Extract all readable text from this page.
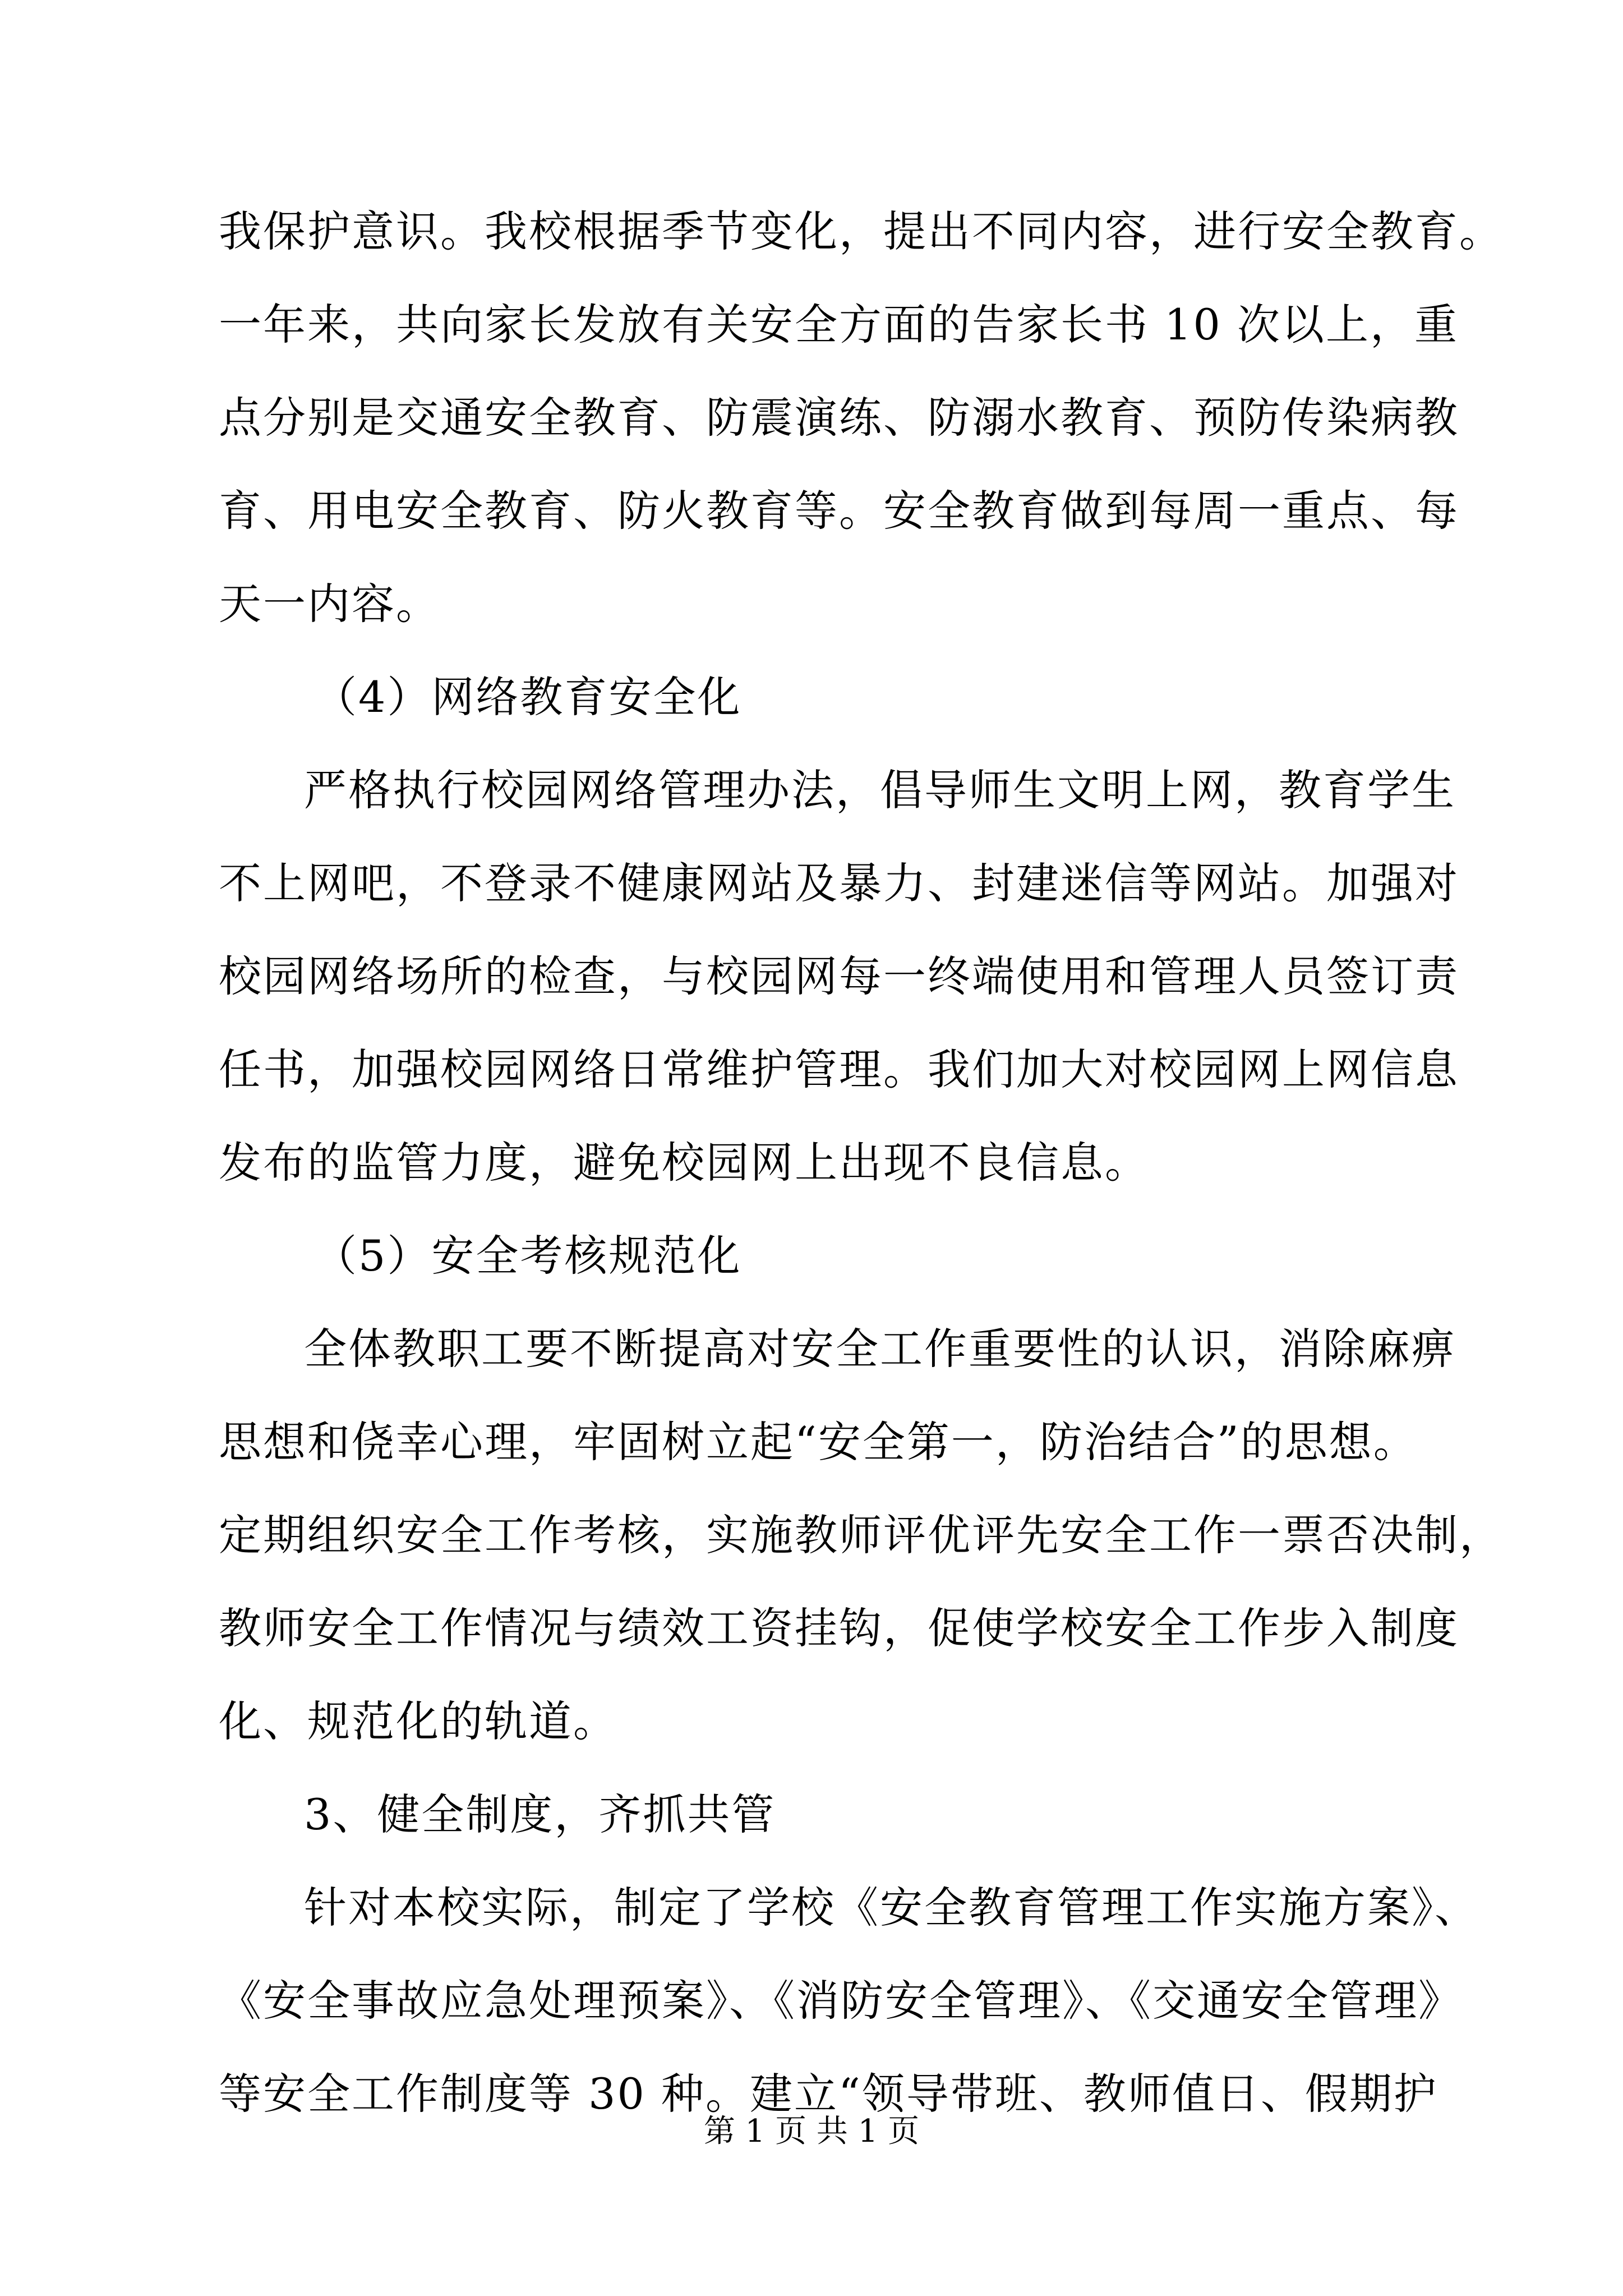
我保护意识。我校根据季节变化，提出不同内容，进行安全教育。
一年来，共向家长发放有关安全方面的告家长书 10 次以上，重
点分别是交通安全教育、防震演练、防溺水教育、预防传染病教
育、用电安全教育、防火教育等。安全教育做到每周一重点、每
天一内容。
（4）网络教育安全化
严格执行校园网络管理办法，倡导师生文明上网，教育学生
不上网吧，不登录不健康网站及暴力、封建迷信等网站。加强对
校园网络场所的检查，与校园网每一终端使用和管理人员签订责
任书，加强校园网络日常维护管理。我们加大对校园网上网信息
发布的监管力度，避免校园网上出现不良信息。
（5）安全考核规范化
全体教职工要不断提高对安全工作重要性的认识，消除麻痹
思想和侥幸心理，牢固树立起“安全第一，防治结合”的思想。
定期组织安全工作考核，实施教师评优评先安全工作一票否决制，
教师安全工作情况与绩效工资挂钩，促使学校安全工作步入制度
化、规范化的轨道。
3、健全制度，齐抓共管
针对本校实际，制定了学校《安全教育管理工作实施方案》、
《安全事故应急处理预案》、《消防安全管理》、《交通安全管理》
等安全工作制度等 30 种。建立“领导带班、教师值日、假期护
第 1 页 共 1 页
